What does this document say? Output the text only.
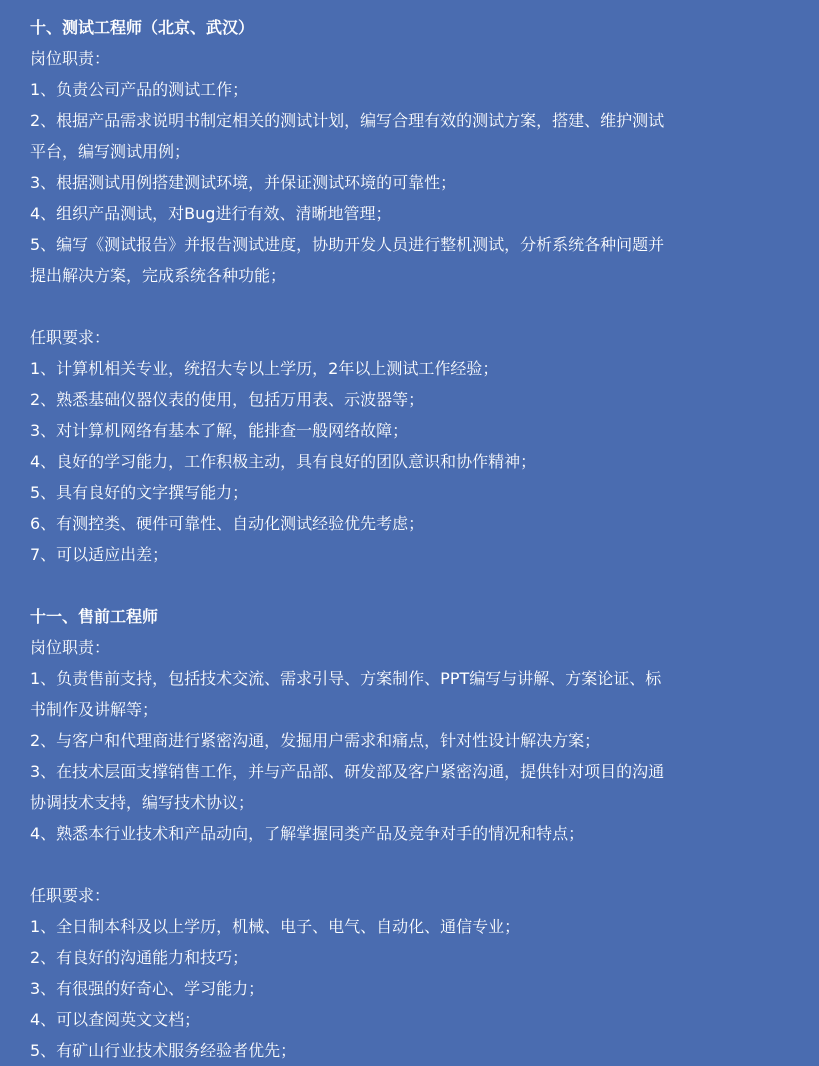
十、测试工程师（北京、武汉）
岗位职责：
1、负责公司产品的测试工作；
2、根据产品需求说明书制定相关的测试计划，编写合理有效的测试方案，搭建、维护测试
平台，编写测试用例；
3、根据测试用例搭建测试环境，并保证测试环境的可靠性；
4、组织产品测试，对Bug进行有效、清晰地管理；
5、编写《测试报告》并报告测试进度，协助开发人员进行整机测试，分析系统各种问题并
提出解决方案，完成系统各种功能；
任职要求：
1、计算机相关专业，统招大专以上学历，2年以上测试工作经验；
2、熟悉基础仪器仪表的使用，包括万用表、示波器等；
3、对计算机网络有基本了解，能排查一般网络故障；
4、良好的学习能力，工作积极主动，具有良好的团队意识和协作精神；
5、具有良好的文字撰写能力；
6、有测控类、硬件可靠性、自动化测试经验优先考虑；
7、可以适应出差；
十一、售前工程师
岗位职责：
1、负责售前支持，包括技术交流、需求引导、方案制作、PPT编写与讲解、方案论证、标
书制作及讲解等；
2、与客户和代理商进行紧密沟通，发掘用户需求和痛点，针对性设计解决方案；
3、在技术层面支撑销售工作，并与产品部、研发部及客户紧密沟通，提供针对项目的沟通
协调技术支持，编写技术协议；
4、熟悉本行业技术和产品动向，了解掌握同类产品及竞争对手的情况和特点；
任职要求：
1、全日制本科及以上学历，机械、电子、电气、自动化、通信专业；
2、有良好的沟通能力和技巧；
3、有很强的好奇心、学习能力；
4、可以查阅英文文档；
5、有矿山行业技术服务经验者优先；
